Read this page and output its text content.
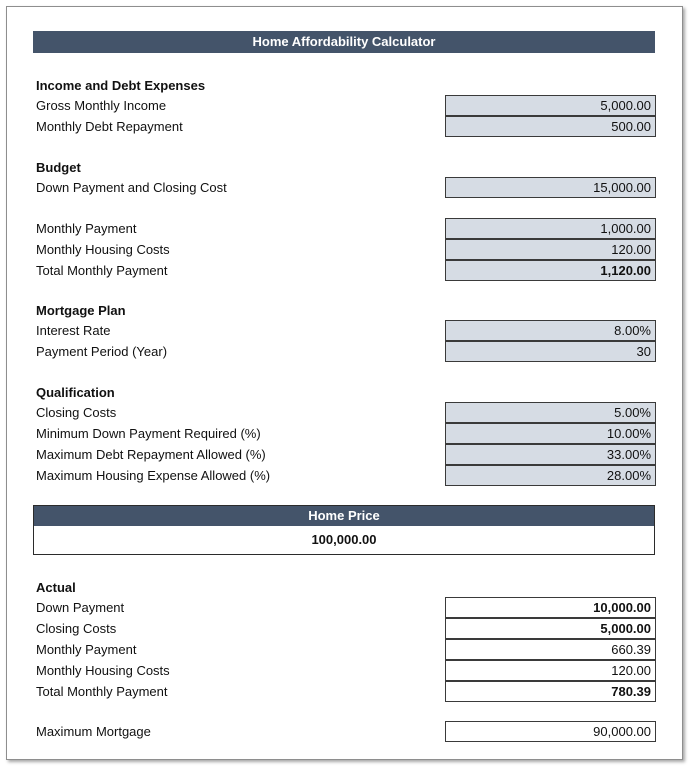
Home Affordability Calculator
Income and Debt Expenses
Gross Monthly Income	5,000.00
Monthly Debt Repayment	500.00
Budget
Down Payment and Closing Cost	15,000.00
Monthly Payment	1,000.00
Monthly Housing Costs	120.00
Total Monthly Payment	1,120.00
Mortgage Plan
Interest Rate	8.00%
Payment Period (Year)	30
Qualification
Closing Costs	5.00%
Minimum Down Payment Required (%)	10.00%
Maximum Debt Repayment Allowed (%)	33.00%
Maximum Housing Expense Allowed (%)	28.00%
Home Price
100,000.00
Actual
Down Payment	10,000.00
Closing Costs	5,000.00
Monthly Payment	660.39
Monthly Housing Costs	120.00
Total Monthly Payment	780.39
Maximum Mortgage	90,000.00
